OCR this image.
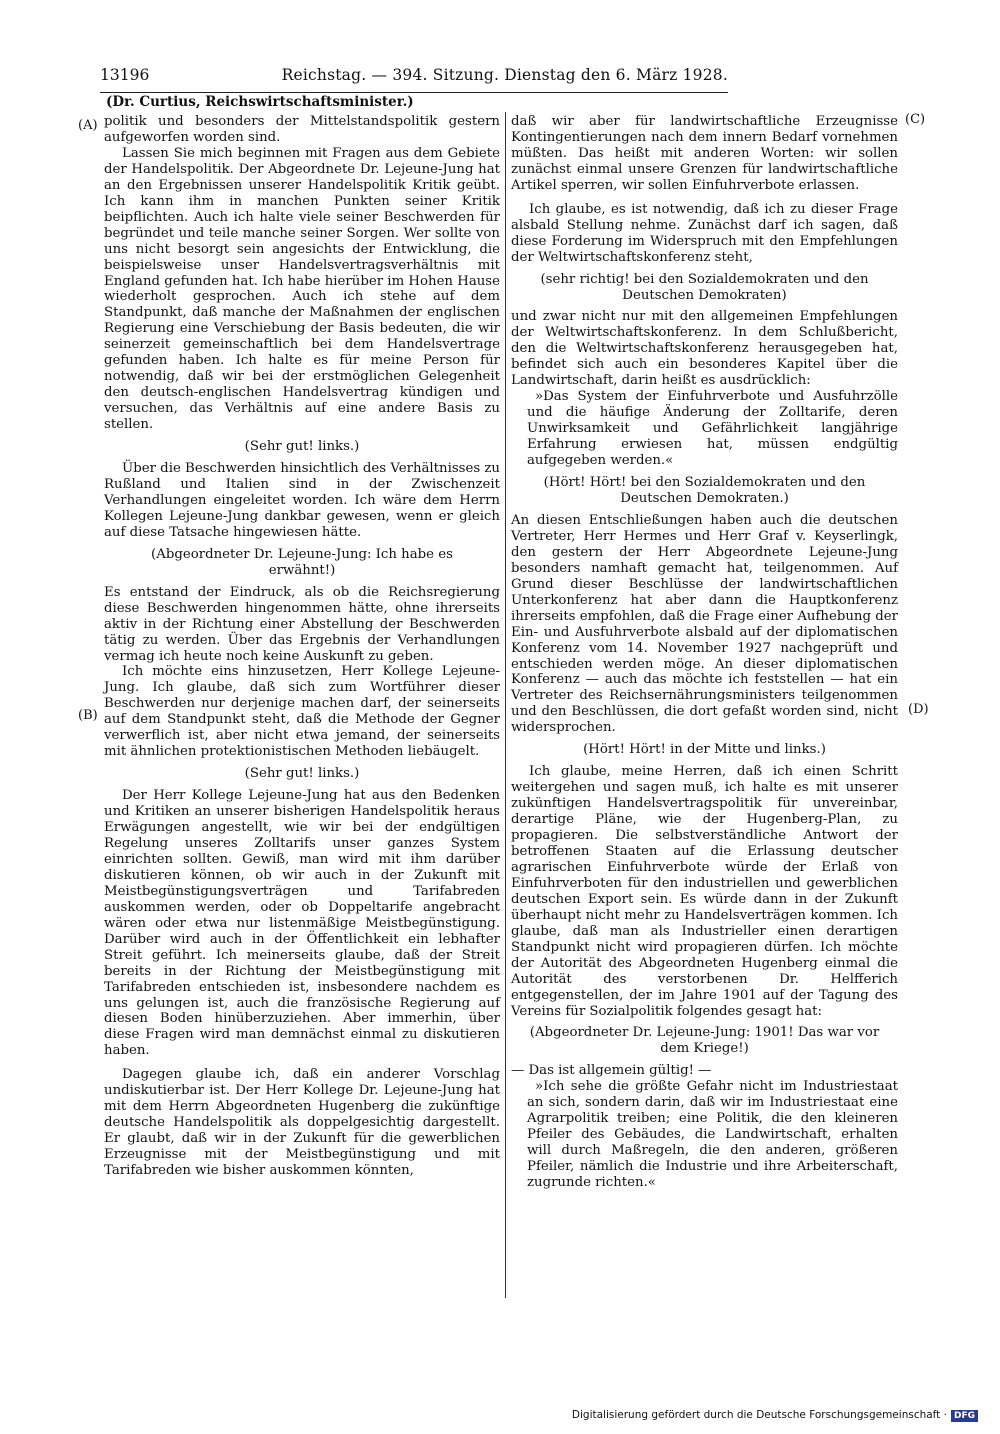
13196	Reichstag. — 394. Sitzung. Dienstag den 6. März 1928.
(Dr. Curtius, Reichswirtschaftsminister.)
(A)
(B)
(C)
(D)

politik und besonders der Mittelstandspolitik gestern aufgeworfen worden sind.

Lassen Sie mich beginnen mit Fragen aus dem Gebiete der Handelspolitik. Der Abgeordnete Dr. Lejeune-Jung hat an den Ergebnissen unserer Handelspolitik Kritik geübt. Ich kann ihm in manchen Punkten seiner Kritik beipflichten. Auch ich halte viele seiner Beschwerden für begründet und teile manche seiner Sorgen. Wer sollte von uns nicht besorgt sein angesichts der Entwicklung, die beispielsweise unser Handelsvertragsverhältnis mit England gefunden hat. Ich habe hierüber im Hohen Hause wiederholt gesprochen. Auch ich stehe auf dem Standpunkt, daß manche der Maßnahmen der englischen Regierung eine Verschiebung der Basis bedeuten, die wir seinerzeit gemeinschaftlich bei dem Handelsvertrage gefunden haben. Ich halte es für meine Person für notwendig, daß wir bei der erstmöglichen Gelegenheit den deutsch-englischen Handelsvertrag kündigen und versuchen, das Verhältnis auf eine andere Basis zu stellen.

(Sehr gut! links.)

Über die Beschwerden hinsichtlich des Verhältnisses zu Rußland und Italien sind in der Zwischenzeit Verhandlungen eingeleitet worden. Ich wäre dem Herrn Kollegen Lejeune-Jung dankbar gewesen, wenn er gleich auf diese Tatsache hingewiesen hätte.

(Abgeordneter Dr. Lejeune-Jung: Ich habe es erwähnt!)

Es entstand der Eindruck, als ob die Reichsregierung diese Beschwerden hingenommen hätte, ohne ihrerseits aktiv in der Richtung einer Abstellung der Beschwerden tätig zu werden. Über das Ergebnis der Verhandlungen vermag ich heute noch keine Auskunft zu geben.

Ich möchte eins hinzusetzen, Herr Kollege Lejeune-Jung. Ich glaube, daß sich zum Wortführer dieser Beschwerden nur derjenige machen darf, der seinerseits auf dem Standpunkt steht, daß die Methode der Gegner verwerflich ist, aber nicht etwa jemand, der seinerseits mit ähnlichen protektionistischen Methoden liebäugelt.

(Sehr gut! links.)

Der Herr Kollege Lejeune-Jung hat aus den Bedenken und Kritiken an unserer bisherigen Handelspolitik heraus Erwägungen angestellt, wie wir bei der endgültigen Regelung unseres Zolltarifs unser ganzes System einrichten sollten. Gewiß, man wird mit ihm darüber diskutieren können, ob wir auch in der Zukunft mit Meistbegünstigungsverträgen und Tarifabreden auskommen werden, oder ob Doppeltarife angebracht wären oder etwa nur listenmäßige Meistbegünstigung. Darüber wird auch in der Öffentlichkeit ein lebhafter Streit geführt. Ich meinerseits glaube, daß der Streit bereits in der Richtung der Meistbegünstigung mit Tarifabreden entschieden ist, insbesondere nachdem es uns gelungen ist, auch die französische Regierung auf diesen Boden hinüberzuziehen. Aber immerhin, über diese Fragen wird man demnächst einmal zu diskutieren haben.

Dagegen glaube ich, daß ein anderer Vorschlag undiskutierbar ist. Der Herr Kollege Dr. Lejeune-Jung hat mit dem Herrn Abgeordneten Hugenberg die zukünftige deutsche Handelspolitik als doppelgesichtig dargestellt. Er glaubt, daß wir in der Zukunft für die gewerblichen Erzeugnisse mit der Meistbegünstigung und mit Tarifabreden wie bisher auskommen könnten,

daß wir aber für landwirtschaftliche Erzeugnisse Kontingentierungen nach dem innern Bedarf vornehmen müßten. Das heißt mit anderen Worten: wir sollen zunächst einmal unsere Grenzen für landwirtschaftliche Artikel sperren, wir sollen Einfuhrverbote erlassen.

Ich glaube, es ist notwendig, daß ich zu dieser Frage alsbald Stellung nehme. Zunächst darf ich sagen, daß diese Forderung im Widerspruch mit den Empfehlungen der Weltwirtschaftskonferenz steht,

(sehr richtig! bei den Sozialdemokraten und den Deutschen Demokraten)

und zwar nicht nur mit den allgemeinen Empfehlungen der Weltwirtschaftskonferenz. In dem Schlußbericht, den die Weltwirtschaftskonferenz herausgegeben hat, befindet sich auch ein besonderes Kapitel über die Landwirtschaft, darin heißt es ausdrücklich:

»Das System der Einfuhrverbote und Ausfuhrzölle und die häufige Änderung der Zolltarife, deren Unwirksamkeit und Gefährlichkeit langjährige Erfahrung erwiesen hat, müssen endgültig aufgegeben werden.«

(Hört! Hört! bei den Sozialdemokraten und den Deutschen Demokraten.)

An diesen Entschließungen haben auch die deutschen Vertreter, Herr Hermes und Herr Graf v. Keyserlingk, den gestern der Herr Abgeordnete Lejeune-Jung besonders namhaft gemacht hat, teilgenommen. Auf Grund dieser Beschlüsse der landwirtschaftlichen Unterkonferenz hat aber dann die Hauptkonferenz ihrerseits empfohlen, daß die Frage einer Aufhebung der Ein- und Ausfuhrverbote alsbald auf der diplomatischen Konferenz vom 14. November 1927 nachgeprüft und entschieden werden möge. An dieser diplomatischen Konferenz — auch das möchte ich feststellen — hat ein Vertreter des Reichsernährungsministers teilgenommen und den Beschlüssen, die dort gefaßt worden sind, nicht widersprochen.

(Hört! Hört! in der Mitte und links.)

Ich glaube, meine Herren, daß ich einen Schritt weitergehen und sagen muß, ich halte es mit unserer zukünftigen Handelsvertragspolitik für unvereinbar, derartige Pläne, wie der Hugenberg-Plan, zu propagieren. Die selbstverständliche Antwort der betroffenen Staaten auf die Erlassung deutscher agrarischen Einfuhrverbote würde der Erlaß von Einfuhrverboten für den industriellen und gewerblichen deutschen Export sein. Es würde dann in der Zukunft überhaupt nicht mehr zu Handelsverträgen kommen. Ich glaube, daß man als Industrieller einen derartigen Standpunkt nicht wird propagieren dürfen. Ich möchte der Autorität des Abgeordneten Hugenberg einmal die Autorität des verstorbenen Dr. Helfferich entgegenstellen, der im Jahre 1901 auf der Tagung des Vereins für Sozialpolitik folgendes gesagt hat:

(Abgeordneter Dr. Lejeune-Jung: 1901! Das war vor dem Kriege!)

— Das ist allgemein gültig! —

»Ich sehe die größte Gefahr nicht im Industriestaat an sich, sondern darin, daß wir im Industriestaat eine Agrarpolitik treiben; eine Politik, die den kleineren Pfeiler des Gebäudes, die Landwirtschaft, erhalten will durch Maßregeln, die den anderen, größeren Pfeiler, nämlich die Industrie und ihre Arbeiterschaft, zugrunde richten.«

Digitalisierung gefördert durch die Deutsche Forschungsgemeinschaft · DFG
